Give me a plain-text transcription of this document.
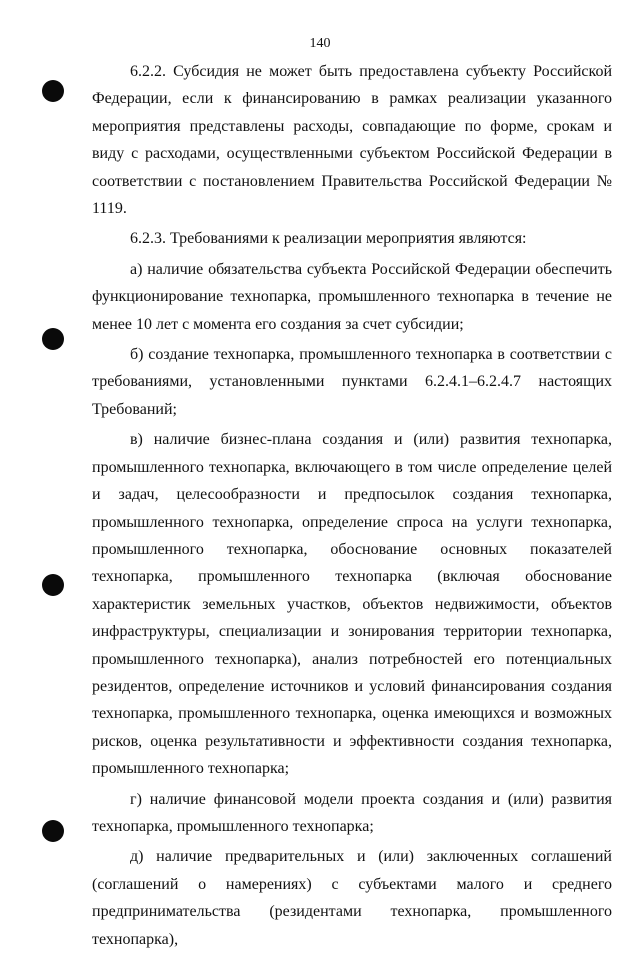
140

6.2.2. Субсидия не может быть предоставлена субъекту Российской Федерации, если к финансированию в рамках реализации указанного мероприятия представлены расходы, совпадающие по форме, срокам и виду с расходами, осуществленными субъектом Российской Федерации в соответствии с постановлением Правительства Российской Федерации № 1119.

6.2.3. Требованиями к реализации мероприятия являются:

а) наличие обязательства субъекта Российской Федерации обеспечить функционирование технопарка, промышленного технопарка в течение не менее 10 лет с момента его создания за счет субсидии;

б) создание технопарка, промышленного технопарка в соответствии с требованиями, установленными пунктами 6.2.4.1–6.2.4.7 настоящих Требований;

в) наличие бизнес-плана создания и (или) развития технопарка, промышленного технопарка, включающего в том числе определение целей и задач, целесообразности и предпосылок создания технопарка, промышленного технопарка, определение спроса на услуги технопарка, промышленного технопарка, обоснование основных показателей технопарка, промышленного технопарка (включая обоснование характеристик земельных участков, объектов недвижимости, объектов инфраструктуры, специализации и зонирования территории технопарка, промышленного технопарка), анализ потребностей его потенциальных резидентов, определение источников и условий финансирования создания технопарка, промышленного технопарка, оценка имеющихся и возможных рисков, оценка результативности и эффективности создания технопарка, промышленного технопарка;

г) наличие финансовой модели проекта создания и (или) развития технопарка, промышленного технопарка;

д) наличие предварительных и (или) заключенных соглашений (соглашений о намерениях) с субъектами малого и среднего предпринимательства (резидентами технопарка, промышленного технопарка),
